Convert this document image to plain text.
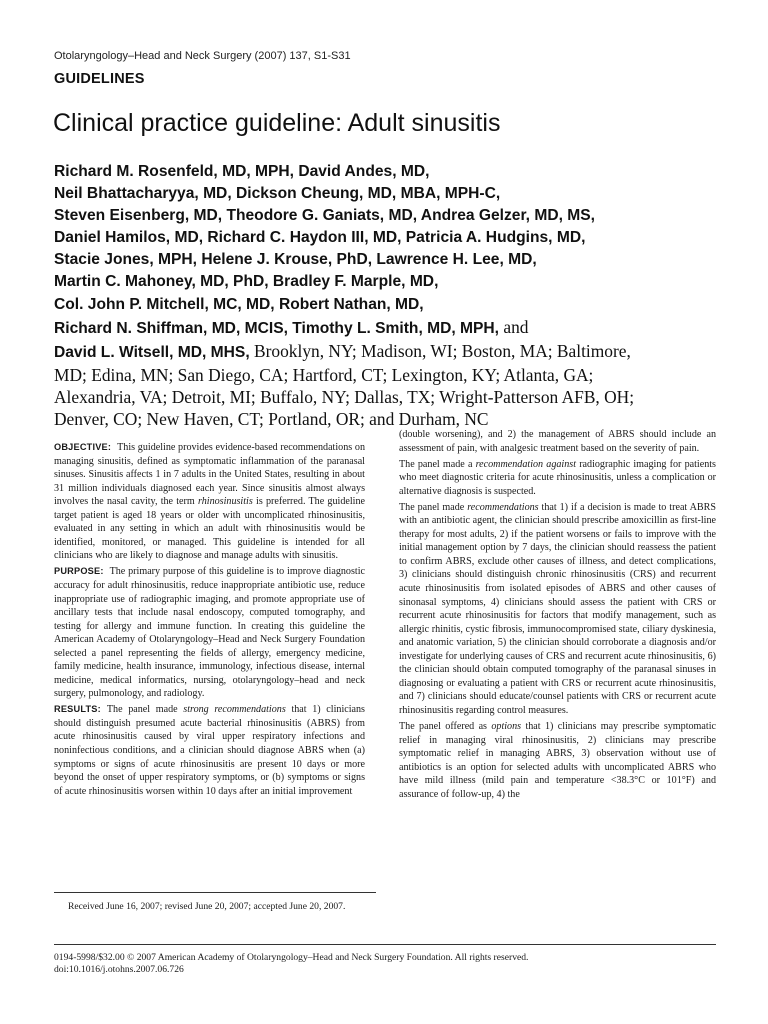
Otolaryngology–Head and Neck Surgery (2007) 137, S1-S31
GUIDELINES
Clinical practice guideline: Adult sinusitis
Richard M. Rosenfeld, MD, MPH, David Andes, MD,
Neil Bhattacharyya, MD, Dickson Cheung, MD, MBA, MPH-C,
Steven Eisenberg, MD, Theodore G. Ganiats, MD, Andrea Gelzer, MD, MS,
Daniel Hamilos, MD, Richard C. Haydon III, MD, Patricia A. Hudgins, MD,
Stacie Jones, MPH, Helene J. Krouse, PhD, Lawrence H. Lee, MD,
Martin C. Mahoney, MD, PhD, Bradley F. Marple, MD,
Col. John P. Mitchell, MC, MD, Robert Nathan, MD,
Richard N. Shiffman, MD, MCIS, Timothy L. Smith, MD, MPH, and
David L. Witsell, MD, MHS, Brooklyn, NY; Madison, WI; Boston, MA; Baltimore,
MD; Edina, MN; San Diego, CA; Hartford, CT; Lexington, KY; Atlanta, GA;
Alexandria, VA; Detroit, MI; Buffalo, NY; Dallas, TX; Wright-Patterson AFB, OH;
Denver, CO; New Haven, CT; Portland, OR; and Durham, NC

OBJECTIVE: This guideline provides evidence-based recommendations on managing sinusitis, defined as symptomatic inflammation of the paranasal sinuses. Sinusitis affects 1 in 7 adults in the United States, resulting in about 31 million individuals diagnosed each year. Since sinusitis almost always involves the nasal cavity, the term rhinosinusitis is preferred. The guideline target patient is aged 18 years or older with uncomplicated rhinosinusitis, evaluated in any setting in which an adult with rhinosinusitis would be identified, monitored, or managed. This guideline is intended for all clinicians who are likely to diagnose and manage adults with sinusitis.

PURPOSE: The primary purpose of this guideline is to improve diagnostic accuracy for adult rhinosinusitis, reduce inappropriate antibiotic use, reduce inappropriate use of radiographic imaging, and promote appropriate use of ancillary tests that include nasal endoscopy, computed tomography, and testing for allergy and immune function. In creating this guideline the American Academy of Otolaryngology–Head and Neck Surgery Foundation selected a panel representing the fields of allergy, emergency medicine, family medicine, health insurance, immunology, infectious disease, internal medicine, medical informatics, nursing, otolaryngology–head and neck surgery, pulmonology, and radiology.

RESULTS: The panel made strong recommendations that 1) clinicians should distinguish presumed acute bacterial rhinosinusitis (ABRS) from acute rhinosinusitis caused by viral upper respiratory infections and noninfectious conditions, and a clinician should diagnose ABRS when (a) symptoms or signs of acute rhinosinusitis are present 10 days or more beyond the onset of upper respiratory symptoms, or (b) symptoms or signs of acute rhinosinusitis worsen within 10 days after an initial improvement

(double worsening), and 2) the management of ABRS should include an assessment of pain, with analgesic treatment based on the severity of pain.

The panel made a recommendation against radiographic imaging for patients who meet diagnostic criteria for acute rhinosinusitis, unless a complication or alternative diagnosis is suspected.

The panel made recommendations that 1) if a decision is made to treat ABRS with an antibiotic agent, the clinician should prescribe amoxicillin as first-line therapy for most adults, 2) if the patient worsens or fails to improve with the initial management option by 7 days, the clinician should reassess the patient to confirm ABRS, exclude other causes of illness, and detect complications, 3) clinicians should distinguish chronic rhinosinusitis (CRS) and recurrent acute rhinosinusitis from isolated episodes of ABRS and other causes of sinonasal symptoms, 4) clinicians should assess the patient with CRS or recurrent acute rhinosinusitis for factors that modify management, such as allergic rhinitis, cystic fibrosis, immunocompromised state, ciliary dyskinesia, and anatomic variation, 5) the clinician should corroborate a diagnosis and/or investigate for underlying causes of CRS and recurrent acute rhinosinusitis, 6) the clinician should obtain computed tomography of the paranasal sinuses in diagnosing or evaluating a patient with CRS or recurrent acute rhinosinusitis, and 7) clinicians should educate/counsel patients with CRS or recurrent acute rhinosinusitis regarding control measures.

The panel offered as options that 1) clinicians may prescribe symptomatic relief in managing viral rhinosinusitis, 2) clinicians may prescribe symptomatic relief in managing ABRS, 3) observation without use of antibiotics is an option for selected adults with uncomplicated ABRS who have mild illness (mild pain and temperature <38.3°C or 101°F) and assurance of follow-up, 4) the

Received June 16, 2007; revised June 20, 2007; accepted June 20, 2007.
0194-5998/$32.00 © 2007 American Academy of Otolaryngology–Head and Neck Surgery Foundation. All rights reserved.
doi:10.1016/j.otohns.2007.06.726
